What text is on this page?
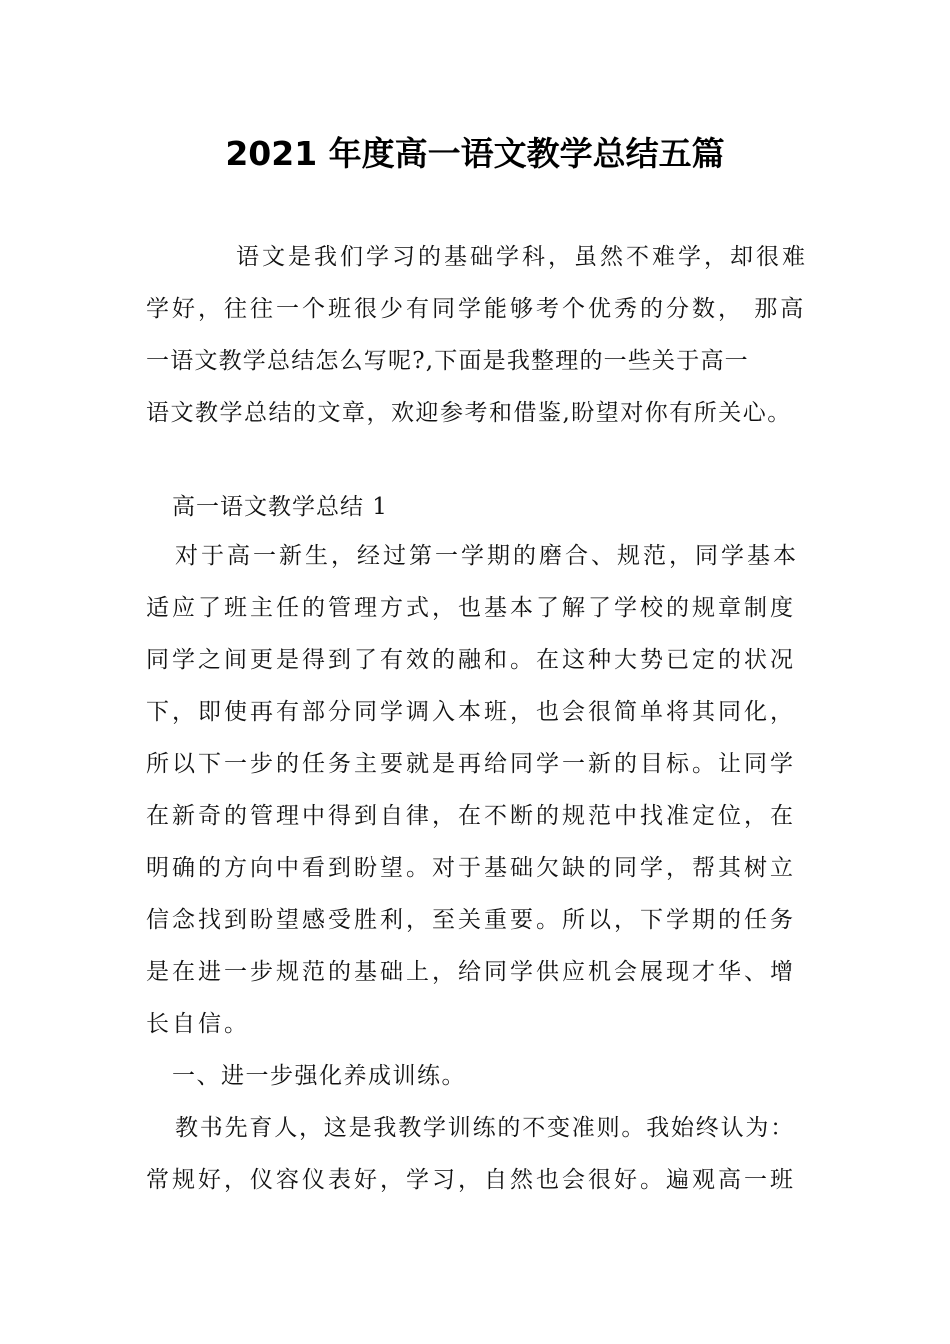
2021 年度高一语文教学总结五篇
语文是我们学习的基础学科，虽然不难学，却很难
学好，往往一个班很少有同学能够考个优秀的分数， 那高
一语文教学总结怎么写呢?,下面是我整理的一些关于高一
语文教学总结的文章，欢迎参考和借鉴,盼望对你有所关心。
高一语文教学总结 1
对于高一新生，经过第一学期的磨合、规范，同学基本
适应了班主任的管理方式，也基本了解了学校的规章制度
同学之间更是得到了有效的融和。在这种大势已定的状况
下，即使再有部分同学调入本班，也会很简单将其同化，
所以下一步的任务主要就是再给同学一新的目标。让同学
在新奇的管理中得到自律，在不断的规范中找准定位，在
明确的方向中看到盼望。对于基础欠缺的同学，帮其树立
信念找到盼望感受胜利，至关重要。所以，下学期的任务
是在进一步规范的基础上，给同学供应机会展现才华、增
长自信。
一、进一步强化养成训练。
教书先育人，这是我教学训练的不变准则。我始终认为：
常规好，仪容仪表好，学习，自然也会很好。遍观高一班
